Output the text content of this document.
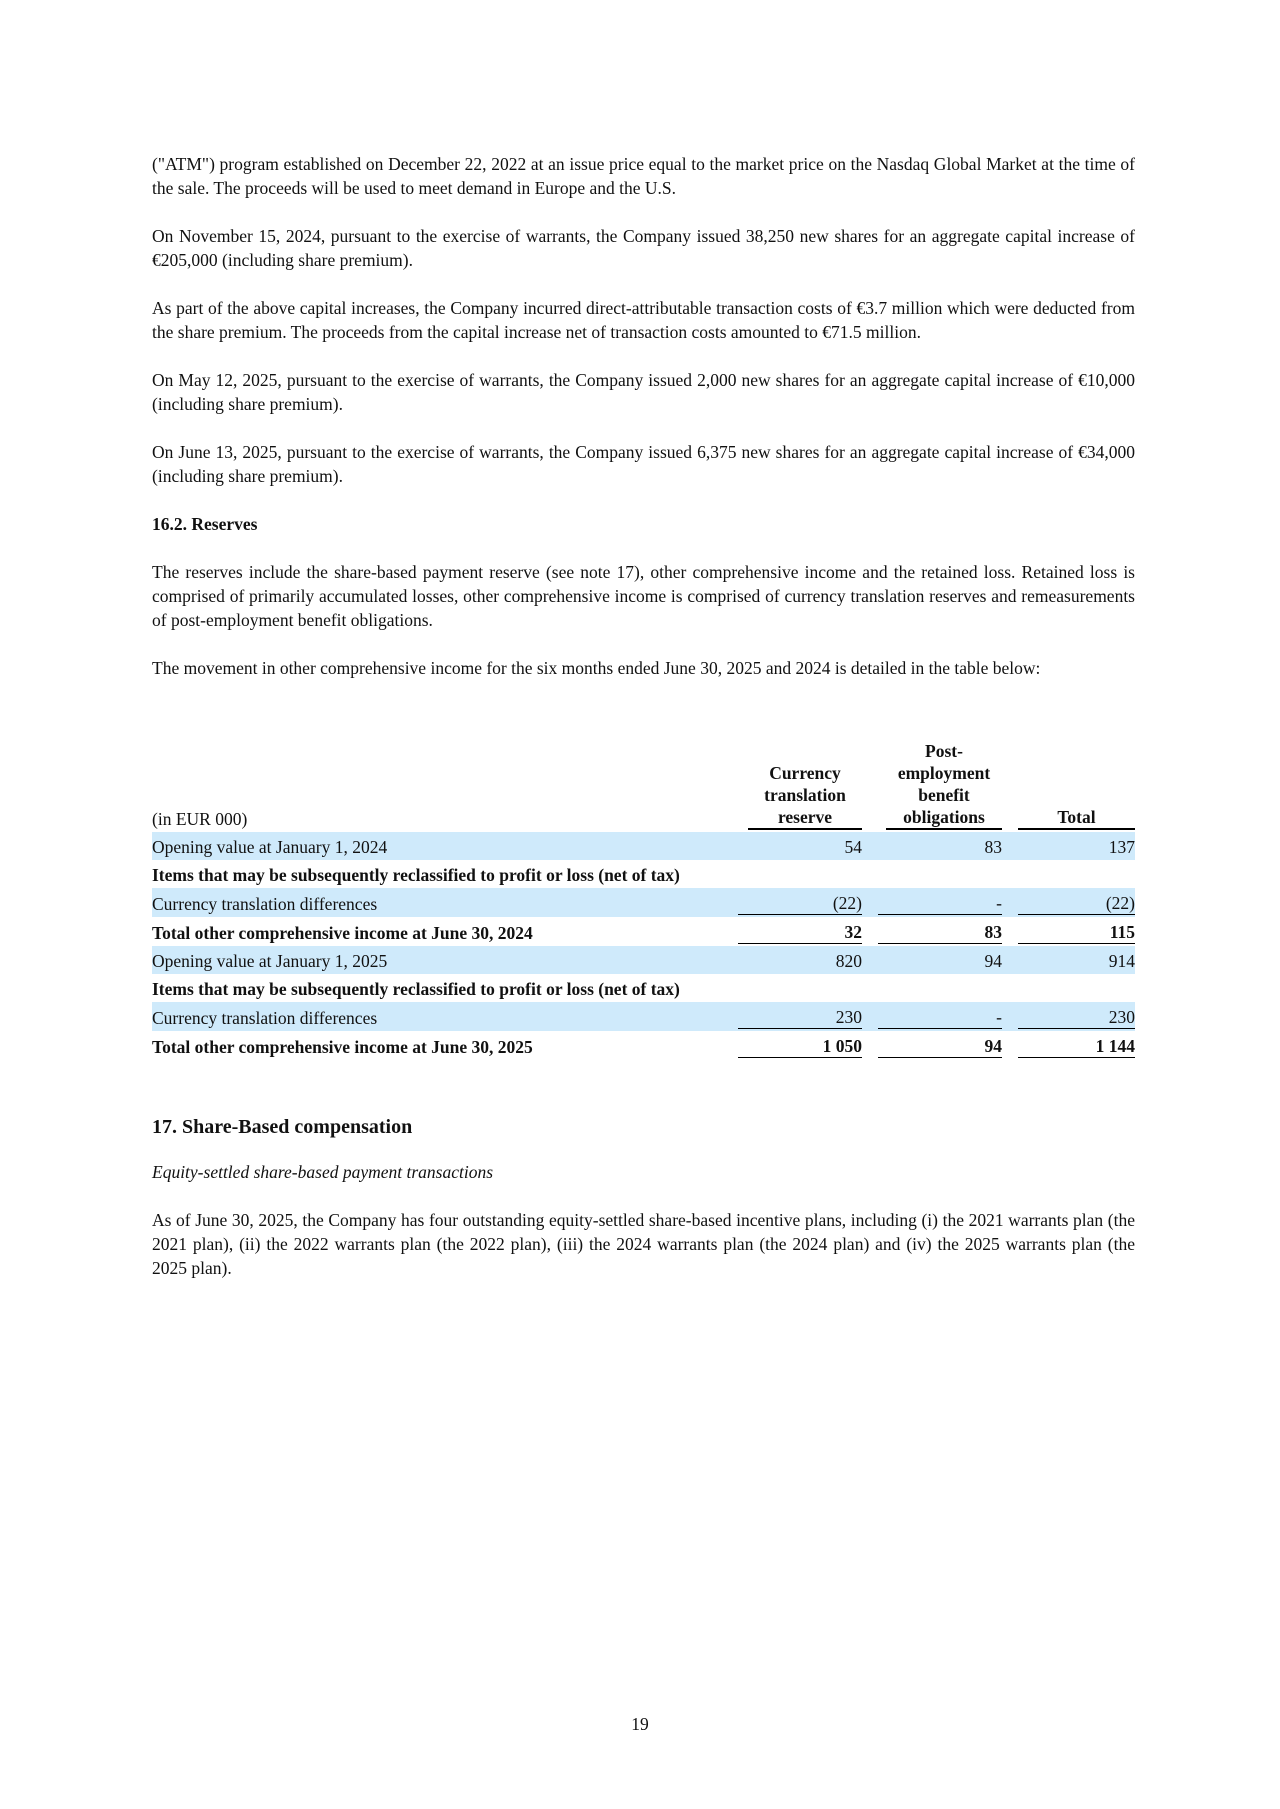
("ATM") program established on December 22, 2022 at an issue price equal to the market price on the Nasdaq Global Market at the time of the sale. The proceeds will be used to meet demand in Europe and the U.S.

On November 15, 2024, pursuant to the exercise of warrants, the Company issued 38,250 new shares for an aggregate capital increase of €205,000 (including share premium).

As part of the above capital increases, the Company incurred direct-attributable transaction costs of €3.7 million which were deducted from the share premium. The proceeds from the capital increase net of transaction costs amounted to €71.5 million.

On May 12, 2025, pursuant to the exercise of warrants, the Company issued 2,000 new shares for an aggregate capital increase of €10,000 (including share premium).

On June 13, 2025, pursuant to the exercise of warrants, the Company issued 6,375 new shares for an aggregate capital increase of €34,000 (including share premium).

16.2. Reserves

The reserves include the share-based payment reserve (see note 17), other comprehensive income and the retained loss. Retained loss is comprised of primarily accumulated losses, other comprehensive income is comprised of currency translation reserves and remeasurements of post-employment benefit obligations.

The movement in other comprehensive income for the six months ended June 30, 2025 and 2024 is detailed in the table below:

(in EUR 000)	Currency translation reserve	Post-employment benefit obligations	Total

Opening value at January 1, 2024	54	83	137

Items that may be subsequently reclassified to profit or loss (net of tax)	

Currency translation differences	(22)	-	(22)

Total other comprehensive income at June 30, 2024	32	83	115

Opening value at January 1, 2025	820	94	914

Items that may be subsequently reclassified to profit or loss (net of tax)	

Currency translation differences	230	-	230

Total other comprehensive income at June 30, 2025	1 050	94	1 144
17. Share-Based compensation

Equity-settled share-based payment transactions

As of June 30, 2025, the Company has four outstanding equity-settled share-based incentive plans, including (i) the 2021 warrants plan (the 2021 plan), (ii) the 2022 warrants plan (the 2022 plan), (iii) the 2024 warrants plan (the 2024 plan) and (iv) the 2025 warrants plan (the 2025 plan).

19
